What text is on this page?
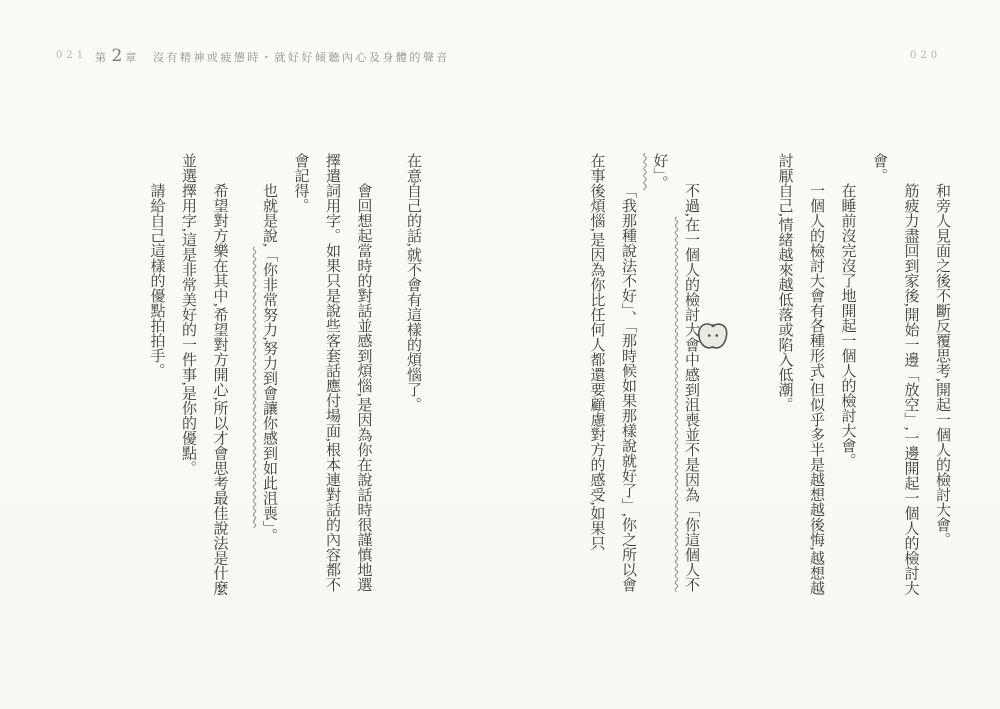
021 第 2 章 沒有精神或疲憊時・就好好傾聽內心及身體的聲音	020

和旁人見面之後不斷反覆思考,開起一個人的檢討大會。

筋疲力盡回到家後,開始一邊「放空」,一邊開起一個人的檢討大會。

在睡前沒完沒了地開起一個人的檢討大會。

一個人的檢討大會有各種形式,但似乎多半是越想越後悔,越想越討厭自己,情緒越來越低落或陷入低潮。

不過,在一個人的檢討大會中感到沮喪並不是因為「你這個人不好」。

「我那種說法不好」、「那時候如果那樣說就好了」,你之所以會在事後煩惱,是因為你比任何人都還要顧慮對方的感受,如果只

在意自己的話,就不會有這樣的煩惱了。

會回想起當時的對話並感到煩惱,是因為你在說話時很謹慎地選擇遣詞用字。如果只是說些客套話應付場面,根本連對話的內容都不會記得。

也就是說,「你非常努力,努力到會讓你感到如此沮喪」。

希望對方樂在其中,希望對方開心,所以才會思考最佳說法是什麼並選擇用字,這是非常美好的一件事,是你的優點。

請給自己這樣的優點拍拍手。
